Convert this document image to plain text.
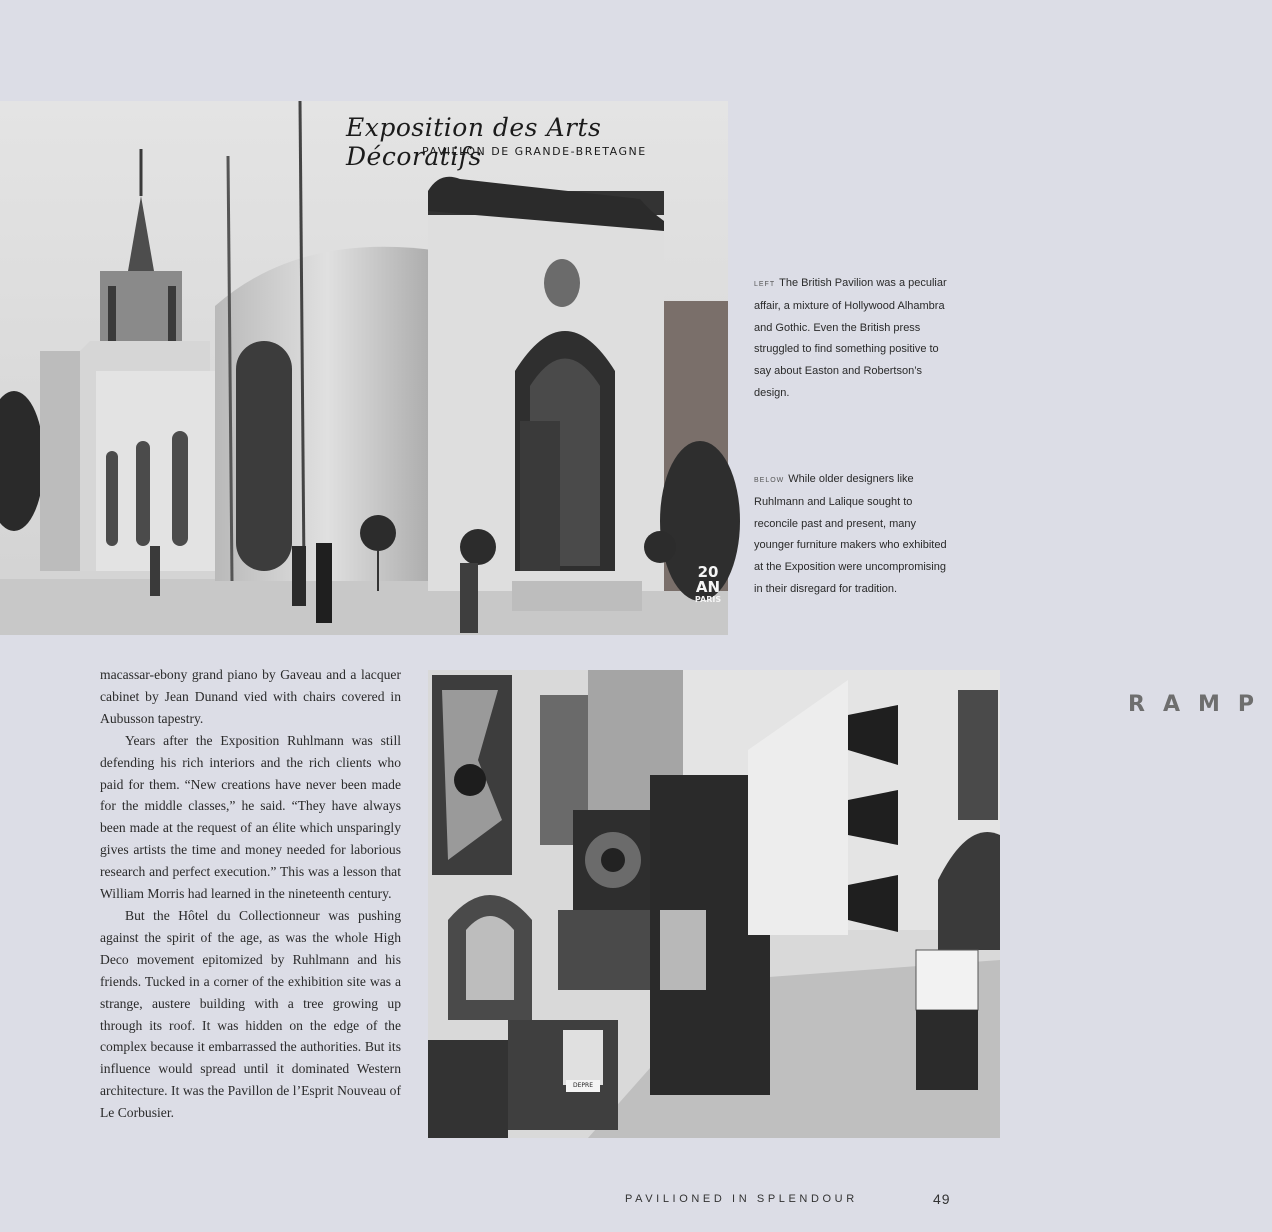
Exposition des Arts Décoratifs
PAVILLON DE GRANDE-BRETAGNE
20
AN
PARIS

LEFT The British Pavilion was a peculiar affair, a mixture of Hollywood Alhambra and Gothic. Even the British press struggled to find something positive to say about Easton and Robertson’s design.

BELOW While older designers like Ruhlmann and Lalique sought to reconcile past and present, many younger furniture makers who exhibited at the Exposition were uncompromising in their disregard for tradition.

macassar-ebony grand piano by Gaveau and a lacquer cabinet by Jean Dunand vied with chairs covered in Aubusson tapestry.

Years after the Exposition Ruhlmann was still defending his rich interiors and the rich clients who paid for them. “New creations have never been made for the middle classes,” he said. “They have always been made at the request of an élite which unsparingly gives artists the time and money needed for laborious research and perfect execution.” This was a lesson that William Morris had learned in the nineteenth century.

But the Hôtel du Collectionneur was pushing against the spirit of the age, as was the whole High Deco movement epitomized by Ruhlmann and his friends. Tucked in a corner of the exhibition site was a strange, austere building with a tree growing up through its roof. It was hidden on the edge of the complex because it embarrassed the authorities. But its influence would spread until it dominated Western architecture. It was the Pavillon de l’Esprit Nouveau of Le Corbusier.

RAMP
DEPRE
PAVILIONED IN SPLENDOUR	49
